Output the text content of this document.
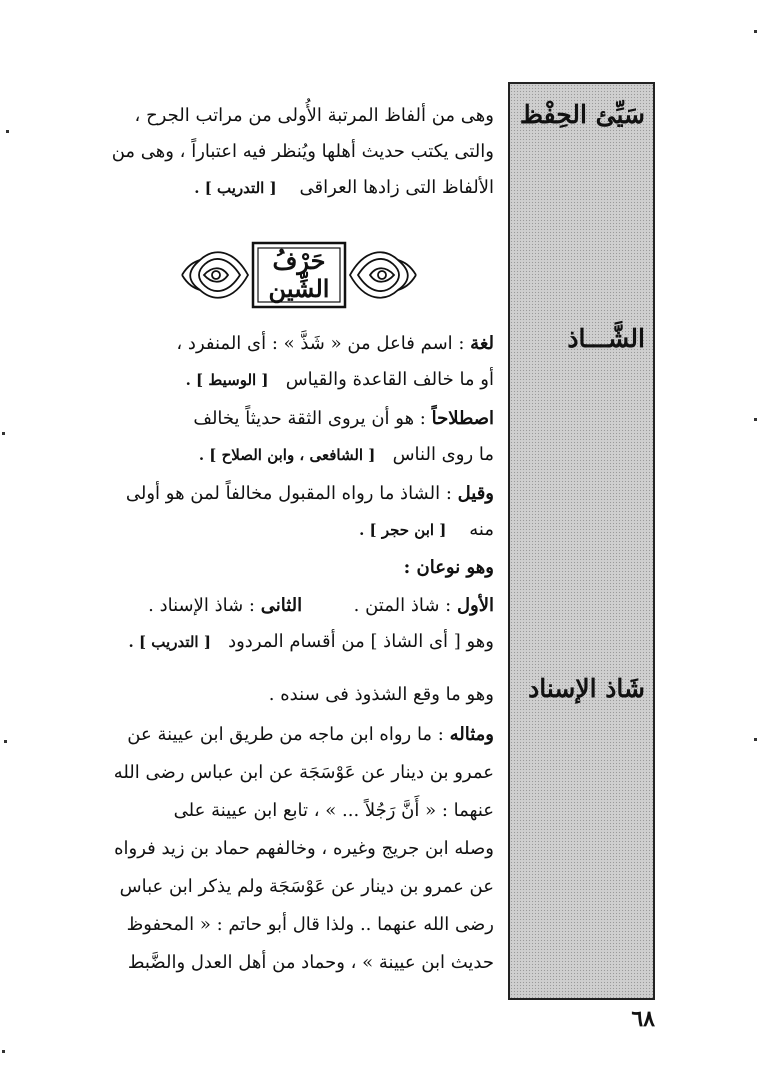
سَيِّئ الحِفْظ
الشَّـــاذ
شَاذ الإسناد
وهى من ألفاظ المرتبة الأُولى من مراتب الجرح ،
والتى يكتب حديث أهلها ويُنظر فيه اعتباراً ، وهى من
الألفاظ التى زادها العراقى    [ التدريب ] .
حَرْفُ
الشِّين
لغة : اسم فاعل من « شَذَّ » : أى المنفرد ،
أو ما خالف القاعدة والقياس   [ الوسيط ] .
اصطلاحاً : هو أن يروى الثقة حديثاً يخالف
ما روى الناس   [ الشافعى ، وابن الصلاح ] .
وقيل : الشاذ ما رواه المقبول مخالفاً لمن هو أولى
منه    [ ابن حجر ] .
وهو نوعان :
الأول : شاذ المتن .         الثانى : شاذ الإسناد .
وهو [ أى الشاذ ] من أقسام المردود   [ التدريب ] .
وهو ما وقع الشذوذ فى سنده .
ومثاله : ما رواه ابن ماجه من طريق ابن عيينة عن
عمرو بن دينار عن عَوْسَجَة عن ابن عباس رضى الله
عنهما : « أَنَّ رَجُلاً ... » ، تابع ابن عيينة على
وصله ابن جريج وغيره ، وخالفهم حماد بن زيد فرواه
عن عمرو بن دينار عن عَوْسَجَة ولم يذكر ابن عباس
رضى الله عنهما .. ولذا قال أبو حاتم : « المحفوظ
حديث ابن عيينة » ، وحماد من أهل العدل والضَّبط
٦٨
